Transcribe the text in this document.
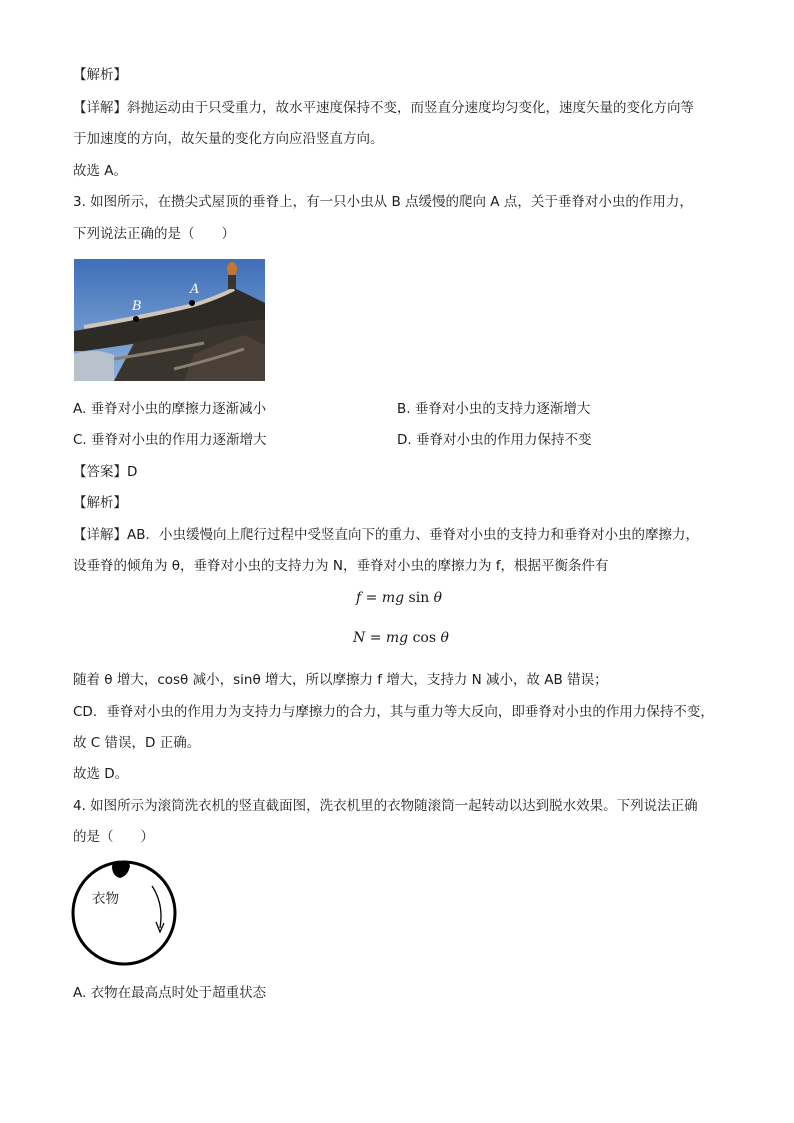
【解析】
【详解】斜抛运动由于只受重力，故水平速度保持不变，而竖直分速度均匀变化，速度矢量的变化方向等
于加速度的方向，故矢量的变化方向应沿竖直方向。
故选 A。
3. 如图所示，在攒尖式屋顶的垂脊上，有一只小虫从 B 点缓慢的爬向 A 点，关于垂脊对小虫的作用力，
下列说法正确的是（　　）
B
A
A. 垂脊对小虫的摩擦力逐渐减小	B. 垂脊对小虫的支持力逐渐增大
C. 垂脊对小虫的作用力逐渐增大	D. 垂脊对小虫的作用力保持不变
【答案】D
【解析】
【详解】AB．小虫缓慢向上爬行过程中受竖直向下的重力、垂脊对小虫的支持力和垂脊对小虫的摩擦力，
设垂脊的倾角为 θ，垂脊对小虫的支持力为 N，垂脊对小虫的摩擦力为 f，根据平衡条件有
f = mg sin θ
N = mg cos θ
随着 θ 增大，cosθ 减小，sinθ 增大，所以摩擦力 f 增大，支持力 N 减小，故 AB 错误；
CD．垂脊对小虫的作用力为支持力与摩擦力的合力，其与重力等大反向，即垂脊对小虫的作用力保持不变，
故 C 错误，D 正确。
故选 D。
4. 如图所示为滚筒洗衣机的竖直截面图，洗衣机里的衣物随滚筒一起转动以达到脱水效果。下列说法正确
的是（　　）
衣物
A. 衣物在最高点时处于超重状态
